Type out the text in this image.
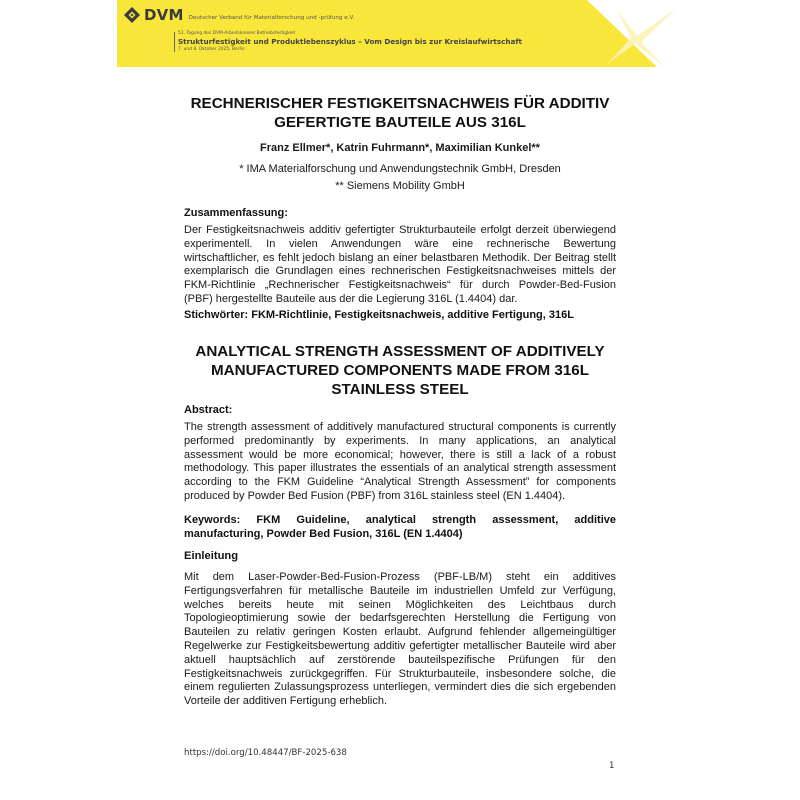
DVM Deutscher Verband für Materialforschung und -prüfung e.V.
51. Tagung des DVM-Arbeitskreises Betriebsfestigkeit
Strukturfestigkeit und Produktlebenszyklus – Vom Design bis zur Kreislaufwirtschaft
7. und 8. Oktober 2025, Berlin
RECHNERISCHER FESTIGKEITSNACHWEIS FÜR ADDITIV GEFERTIGTE BAUTEILE AUS 316L
Franz Ellmer*, Katrin Fuhrmann*, Maximilian Kunkel**
* IMA Materialforschung und Anwendungstechnik GmbH, Dresden
** Siemens Mobility GmbH
Zusammenfassung:
Der Festigkeitsnachweis additiv gefertigter Strukturbauteile erfolgt derzeit überwiegend experimentell. In vielen Anwendungen wäre eine rechnerische Bewertung wirtschaftlicher, es fehlt jedoch bislang an einer belastbaren Methodik. Der Beitrag stellt exemplarisch die Grundlagen eines rechnerischen Festigkeitsnachweises mittels der FKM-Richtlinie „Rechnerischer Festigkeitsnachweis“ für durch Powder-Bed-Fusion (PBF) hergestellte Bauteile aus der die Legierung 316L (1.4404) dar.
Stichwörter: FKM-Richtlinie, Festigkeitsnachweis, additive Fertigung, 316L
ANALYTICAL STRENGTH ASSESSMENT OF ADDITIVELY MANUFACTURED COMPONENTS MADE FROM 316L STAINLESS STEEL
Abstract:
The strength assessment of additively manufactured structural components is currently performed predominantly by experiments. In many applications, an analytical assessment would be more economical; however, there is still a lack of a robust methodology. This paper illustrates the essentials of an analytical strength assessment according to the FKM Guideline “Analytical Strength Assessment” for components produced by Powder Bed Fusion (PBF) from 316L stainless steel (EN 1.4404).
Keywords: FKM Guideline, analytical strength assessment, additive manufacturing, Powder Bed Fusion, 316L (EN 1.4404)
Einleitung
Mit dem Laser-Powder-Bed-Fusion-Prozess (PBF-LB/M) steht ein additives Fertigungsverfahren für metallische Bauteile im industriellen Umfeld zur Verfügung, welches bereits heute mit seinen Möglichkeiten des Leichtbaus durch Topologieoptimierung sowie der bedarfsgerechten Herstellung die Fertigung von Bauteilen zu relativ geringen Kosten erlaubt. Aufgrund fehlender allgemeingültiger Regelwerke zur Festigkeitsbewertung additiv gefertigter metallischer Bauteile wird aber aktuell hauptsächlich auf zerstörende bauteilspezifische Prüfungen für den Festigkeitsnachweis zurückgegriffen. Für Strukturbauteile, insbesondere solche, die einem regulierten Zulassungsprozess unterliegen, vermindert dies die sich ergebenden Vorteile der additiven Fertigung erheblich.
https://doi.org/10.48447/BF-2025-638
1
